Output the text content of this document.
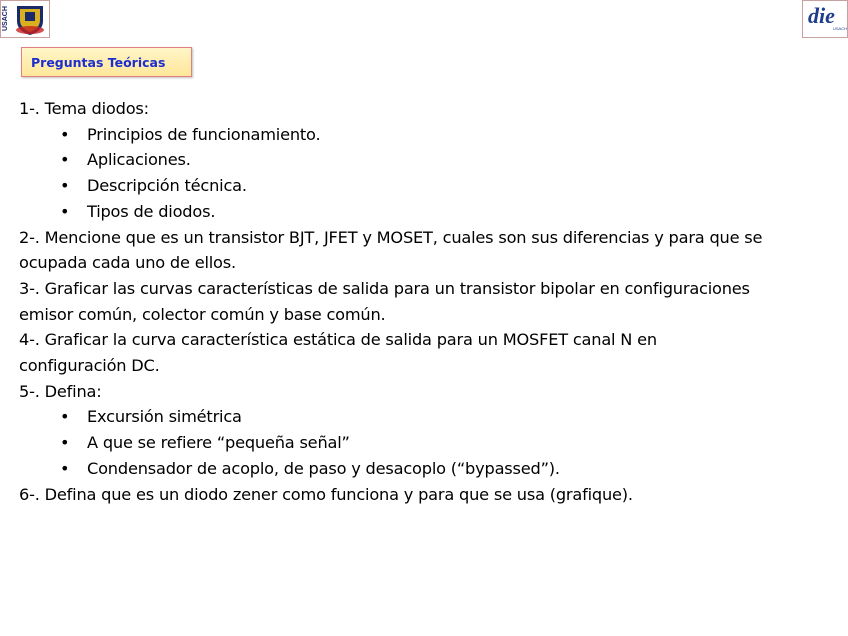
USACH	die
USACH
Preguntas Teóricas
1-. Tema diodos:
• Principios de funcionamiento.
• Aplicaciones.
• Descripción técnica.
• Tipos de diodos.
2-. Mencione que es un transistor BJT, JFET y MOSET, cuales son sus diferencias y para que se
ocupada cada uno de ellos.
3-. Graficar las curvas características de salida para un transistor bipolar en configuraciones
emisor común, colector común y base común.
4-. Graficar la curva característica estática de salida para un MOSFET canal N en
configuración DC.
5-. Defina:
• Excursión simétrica
• A que se refiere “pequeña señal”
• Condensador de acoplo, de paso y desacoplo (“bypassed”).
6-. Defina que es un diodo zener como funciona y para que se usa (grafique).
